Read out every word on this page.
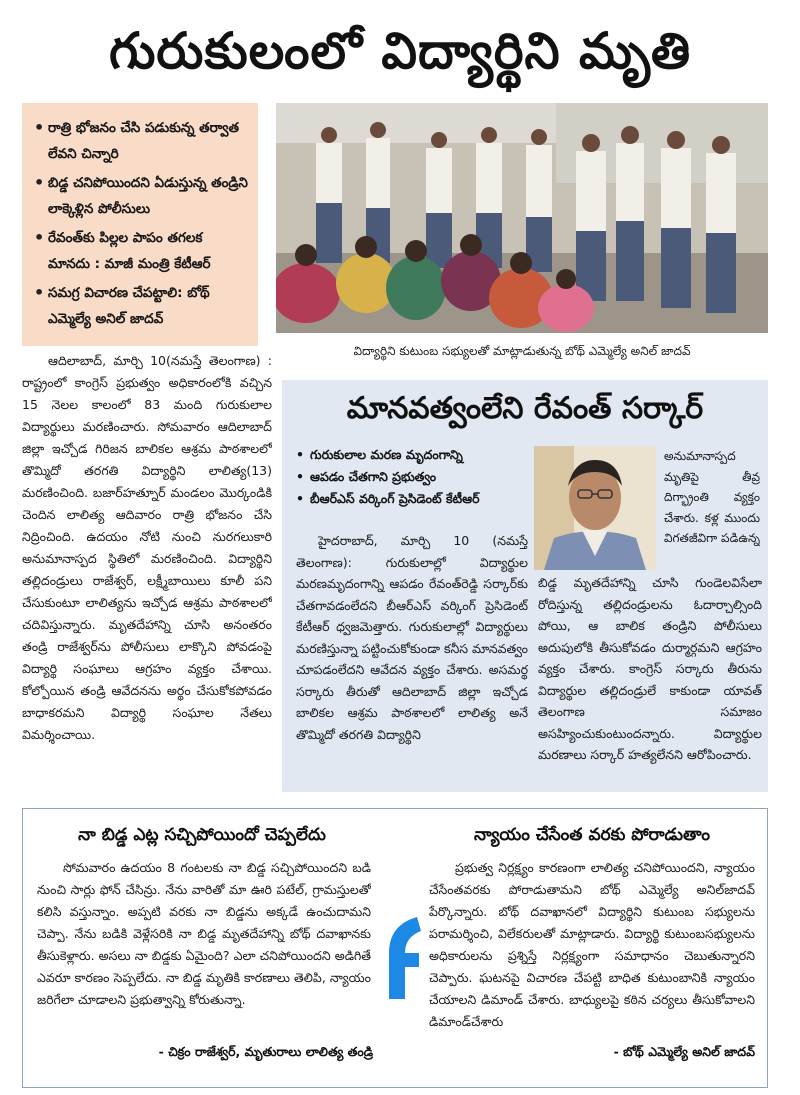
గురుకులంలో విద్యార్థిని మృతి
• రాత్రి భోజనం చేసి పడుకున్న తర్వాత లేవని చిన్నారి
• బిడ్డ చనిపోయిందని ఏడుస్తున్న తండ్రిని లాక్కెళ్లిన పోలీసులు
• రేవంత్‌కు పిల్లల పాపం తగలక మానదు : మాజీ మంత్రి కేటీఆర్
• సమగ్ర విచారణ చేపట్టాలి: బోథ్ ఎమ్మెల్యే అనిల్ జాదవ్
విద్యార్థిని కుటుంబ సభ్యులతో మాట్లాడుతున్న బోథ్ ఎమ్మెల్యే అనిల్ జాదవ్

ఆదిలాబాద్, మార్చి 10(నమస్తే తెలంగాణ) : రాష్ట్రంలో కాంగ్రెస్ ప్రభుత్వం అధికారంలోకి వచ్చిన 15 నెలల కాలంలో 83 మంది గురుకులాల విద్యార్థులు మరణించారు. సోమవారం ఆదిలాబాద్ జిల్లా ఇచ్చోడ గిరిజన బాలికల ఆశ్రమ పాఠశాలలో తొమ్మిదో తరగతి విద్యార్థిని లాలిత్య(13) మరణించింది. బజార్‌హత్నూర్ మండలం మొర్కండికి చెందిన లాలిత్య ఆదివారం రాత్రి భోజనం చేసి నిద్రించింది. ఉదయం నోటి నుంచి నురగలుకారి అనుమానాస్పద స్థితిలో మరణించింది. విద్యార్థిని తల్లిదండ్రులు రాజేశ్వర్, లక్ష్మీబాయిలు కూలీ పని చేసుకుంటూ లాలిత్యను ఇచ్చోడ ఆశ్రమ పాఠశాలలో చదివిస్తున్నారు. మృతదేహాన్ని చూసి అనంతరం తండ్రి రాజేశ్వర్‌ను పోలీసులు లాక్కొని పోవడంపై విద్యార్థి సంఘాలు ఆగ్రహం వ్యక్తం చేశాయి. కోల్పోయిన తండ్రి ఆవేదనను అర్థం చేసుకోకపోవడం బాధాకరమని విద్యార్థి సంఘాల నేతలు విమర్శించాయి.

మానవత్వంలేని రేవంత్ సర్కార్
• గురుకులాల మరణ మృదంగాన్ని
• ఆపడం చేతగాని ప్రభుత్వం
• బీఆర్‌ఎస్ వర్కింగ్ ప్రెసిడెంట్ కేటీఆర్
అనుమానాస్పద మృతిపై తీవ్ర దిగ్భ్రాంతి వ్యక్తం చేశారు. కళ్ల ముందు విగతజీవిగా పడిఉన్న

హైదరాబాద్, మార్చి 10 (నమస్తే తెలంగాణ): గురుకులాల్లో విద్యార్థుల మరణమృదంగాన్ని ఆపడం రేవంత్‌రెడ్డి సర్కార్‌కు చేతగావడంలేదని బీఆర్‌ఎస్ వర్కింగ్ ప్రెసిడెంట్ కేటీఆర్ ధ్వజమెత్తారు. గురుకులాల్లో విద్యార్థులు మరణిస్తున్నా పట్టించుకోకుండా కనీస మానవత్వం చూపడంలేదని ఆవేదన వ్యక్తం చేశారు. అసమర్థ సర్కారు తీరుతో ఆదిలాబాద్ జిల్లా ఇచ్చోడ బాలికల ఆశ్రమ పాఠశాలలో లాలిత్య అనే తొమ్మిదో తరగతి విద్యార్థిని

బిడ్డ మృతదేహాన్ని చూసి గుండెలవిసేలా రోదిస్తున్న తల్లిదండ్రులను ఓదార్చాల్సింది పోయి, ఆ బాలిక తండ్రిని పోలీసులు అదుపులోకి తీసుకోవడం దుర్మార్గమని ఆగ్రహం వ్యక్తం చేశారు. కాంగ్రెస్ సర్కారు తీరును విద్యార్థుల తల్లిదండ్రులే కాకుండా యావత్ తెలంగాణ సమాజం అసహ్యించుకుంటుందన్నారు. విద్యార్థుల మరణాలు సర్కార్ హత్యలేనని ఆరోపించారు.
నా బిడ్డ ఎట్ల సచ్చిపోయిందో చెప్పలేదు

సోమవారం ఉదయం 8 గంటలకు నా బిడ్డ సచ్చిపోయిందని బడి నుంచి సార్లు ఫోన్ చేసిన్రు. నేను వారితో మా ఊరి పటేల్, గ్రామస్తులతో కలిసి వస్తున్నాం. అప్పటి వరకు నా బిడ్డను అక్కడే ఉంచుదామని చెప్పా. నేను బడికి వెళ్లేసరికి నా బిడ్డ మృతదేహాన్ని బోథ్ దవాఖానకు తీసుకెళ్లారు. అసలు నా బిడ్డకు ఏమైంది? ఎలా చనిపోయిందని అడిగితే ఎవరూ కారణం సెప్పలేదు. నా బిడ్డ మృతికి కారణాలు తెలిపి, న్యాయం జరిగేలా చూడాలని ప్రభుత్వాన్ని కోరుతున్నా.

- చిక్రం రాజేశ్వర్, మృతురాలు లాలిత్య తండ్రి
న్యాయం చేసేంత వరకు పోరాడుతాం

ప్రభుత్వ నిర్లక్ష్యం కారణంగా లాలిత్య చనిపోయిందని, న్యాయం చేసేంతవరకు పోరాడుతామని బోథ్ ఎమ్మెల్యే అనిల్‌జాదవ్ పేర్కొన్నారు. బోథ్ దవాఖానలో విద్యార్థిని కుటుంబ సభ్యులను పరామర్శించి, విలేకరులతో మాట్లాడారు. విద్యార్థి కుటుంబసభ్యులను అధికారులను ప్రశ్నిస్తే నిర్లక్ష్యంగా సమాధానం చెబుతున్నారని చెప్పారు. ఘటనపై విచారణ చేపట్టి బాధిత కుటుంబానికి న్యాయం చేయాలని డిమాండ్ చేశారు. బాధ్యులపై కఠిన చర్యలు తీసుకోవాలని డిమాండ్‌చేశారు

- బోథ్ ఎమ్మెల్యే అనిల్ జాదవ్
